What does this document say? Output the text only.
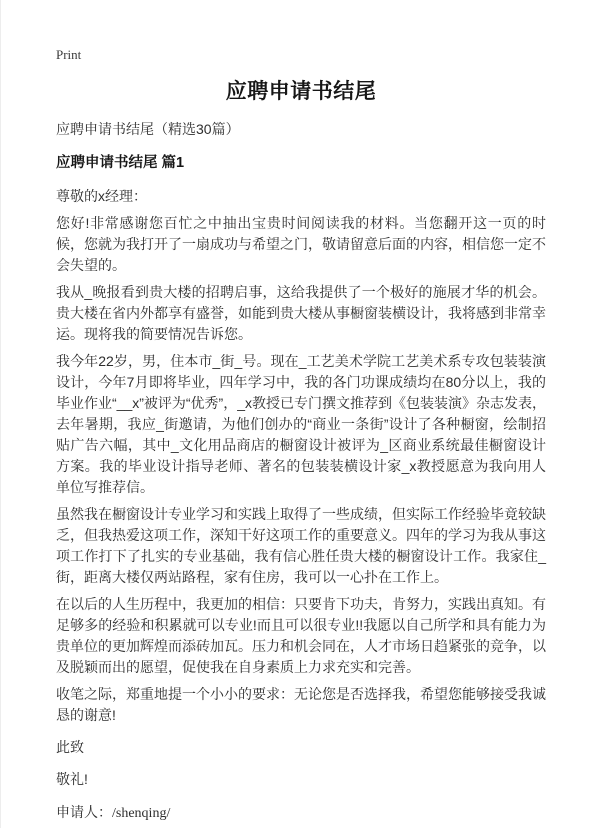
Print
应聘申请书结尾
应聘申请书结尾（精选30篇）
应聘申请书结尾 篇1

尊敬的x经理：

您好!非常感谢您百忙之中抽出宝贵时间阅读我的材料。当您翻开这一页的时候，您就为我打开了一扇成功与希望之门，敬请留意后面的内容，相信您一定不会失望的。

我从_晚报看到贵大楼的招聘启事，这给我提供了一个极好的施展才华的机会。贵大楼在省内外都享有盛誉，如能到贵大楼从事橱窗装横设计，我将感到非常幸运。现将我的简要情况告诉您。

我今年22岁，男，住本市_街_号。现在_工艺美术学院工艺美术系专攻包装装演设计，今年7月即将毕业，四年学习中，我的各门功课成绩均在80分以上，我的毕业作业“__x”被评为“优秀”，_x教授已专门撰文推荐到《包装装演》杂志发表，去年暑期，我应_街邀请，为他们创办的“商业一条街”设计了各种橱窗，绘制招贴广告六幅，其中_文化用品商店的橱窗设计被评为_区商业系统最佳橱窗设计方案。我的毕业设计指导老师、著名的包装装横设计家_x教授愿意为我向用人单位写推荐信。

虽然我在橱窗设计专业学习和实践上取得了一些成绩，但实际工作经验毕竟较缺乏，但我热爱这项工作，深知干好这项工作的重要意义。四年的学习为我从事这项工作打下了扎实的专业基础，我有信心胜任贵大楼的橱窗设计工作。我家住_街，距离大楼仅两站路程，家有住房，我可以一心扑在工作上。

在以后的人生历程中，我更加的相信：只要肯下功夫，肯努力，实践出真知。有足够多的经验和积累就可以专业!而且可以很专业!!我愿以自己所学和具有能力为贵单位的更加辉煌而添砖加瓦。压力和机会同在，人才市场日趋紧张的竞争，以及脱颖而出的愿望，促使我在自身素质上力求充实和完善。

收笔之际，郑重地提一个小小的要求：无论您是否选择我，希望您能够接受我诚恳的谢意!

此致

敬礼!

申请人：/shenqing/
